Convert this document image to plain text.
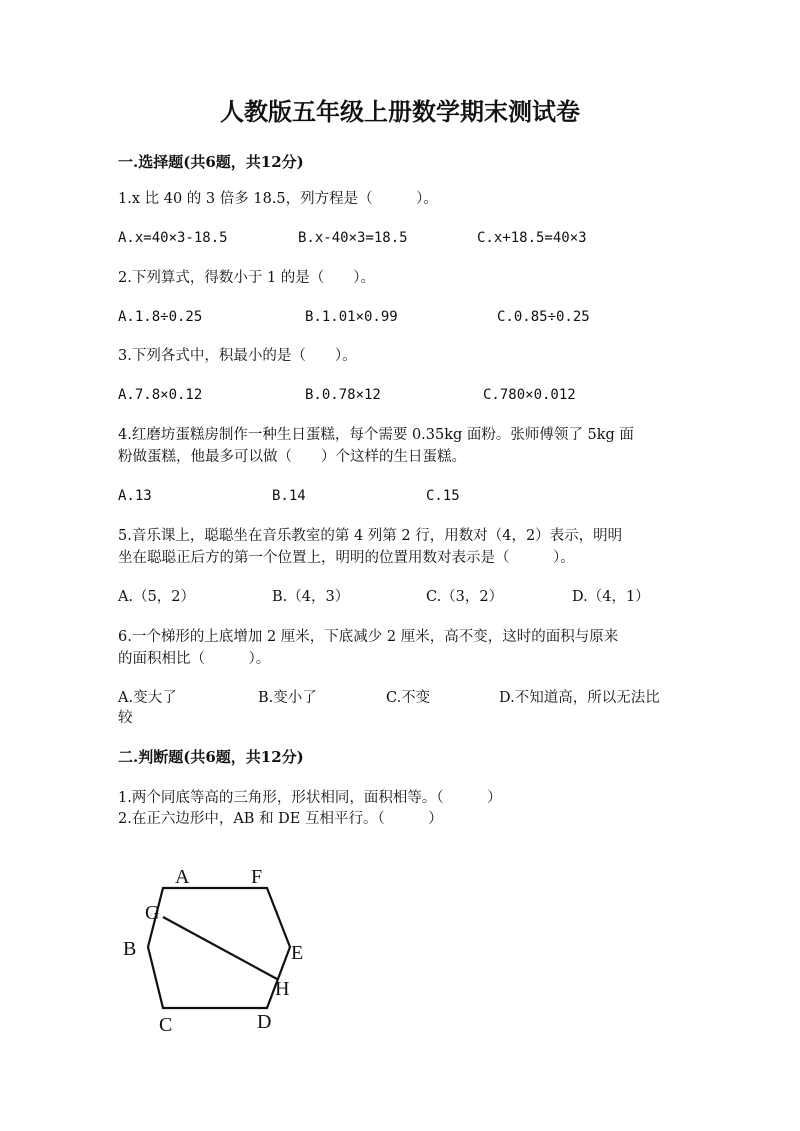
人教版五年级上册数学期末测试卷
一.选择题(共6题，共12分)
1.x 比 40 的 3 倍多 18.5，列方程是（　　　）。
A.x=40×3-18.5	B.x-40×3=18.5	C.x+18.5=40×3
2.下列算式，得数小于 1 的是（　　）。
A.1.8÷0.25	B.1.01×0.99	C.0.85÷0.25
3.下列各式中，积最小的是（　　）。
A.7.8×0.12	B.0.78×12	C.780×0.012
4.红磨坊蛋糕房制作一种生日蛋糕，每个需要 0.35kg 面粉。张师傅领了 5kg 面
粉做蛋糕，他最多可以做（　　）个这样的生日蛋糕。
A.13	B.14	C.15
5.音乐课上，聪聪坐在音乐教室的第 4 列第 2 行，用数对（4，2）表示，明明
坐在聪聪正后方的第一个位置上，明明的位置用数对表示是（　　　）。
A.（5，2）	B.（4，3）	C.（3，2）	D.（4，1）
6.一个梯形的上底增加 2 厘米，下底减少 2 厘米，高不变，这时的面积与原来
的面积相比（　　　）。
A.变大了	B.变小了	C.不变	D.不知道高，所以无法比
较
二.判断题(共6题，共12分)
1.两个同底等高的三角形，形状相同，面积相等。（　　　）
2.在正六边形中，AB 和 DE 互相平行。（　　　）
A	F
G
B	E
H
C	D
